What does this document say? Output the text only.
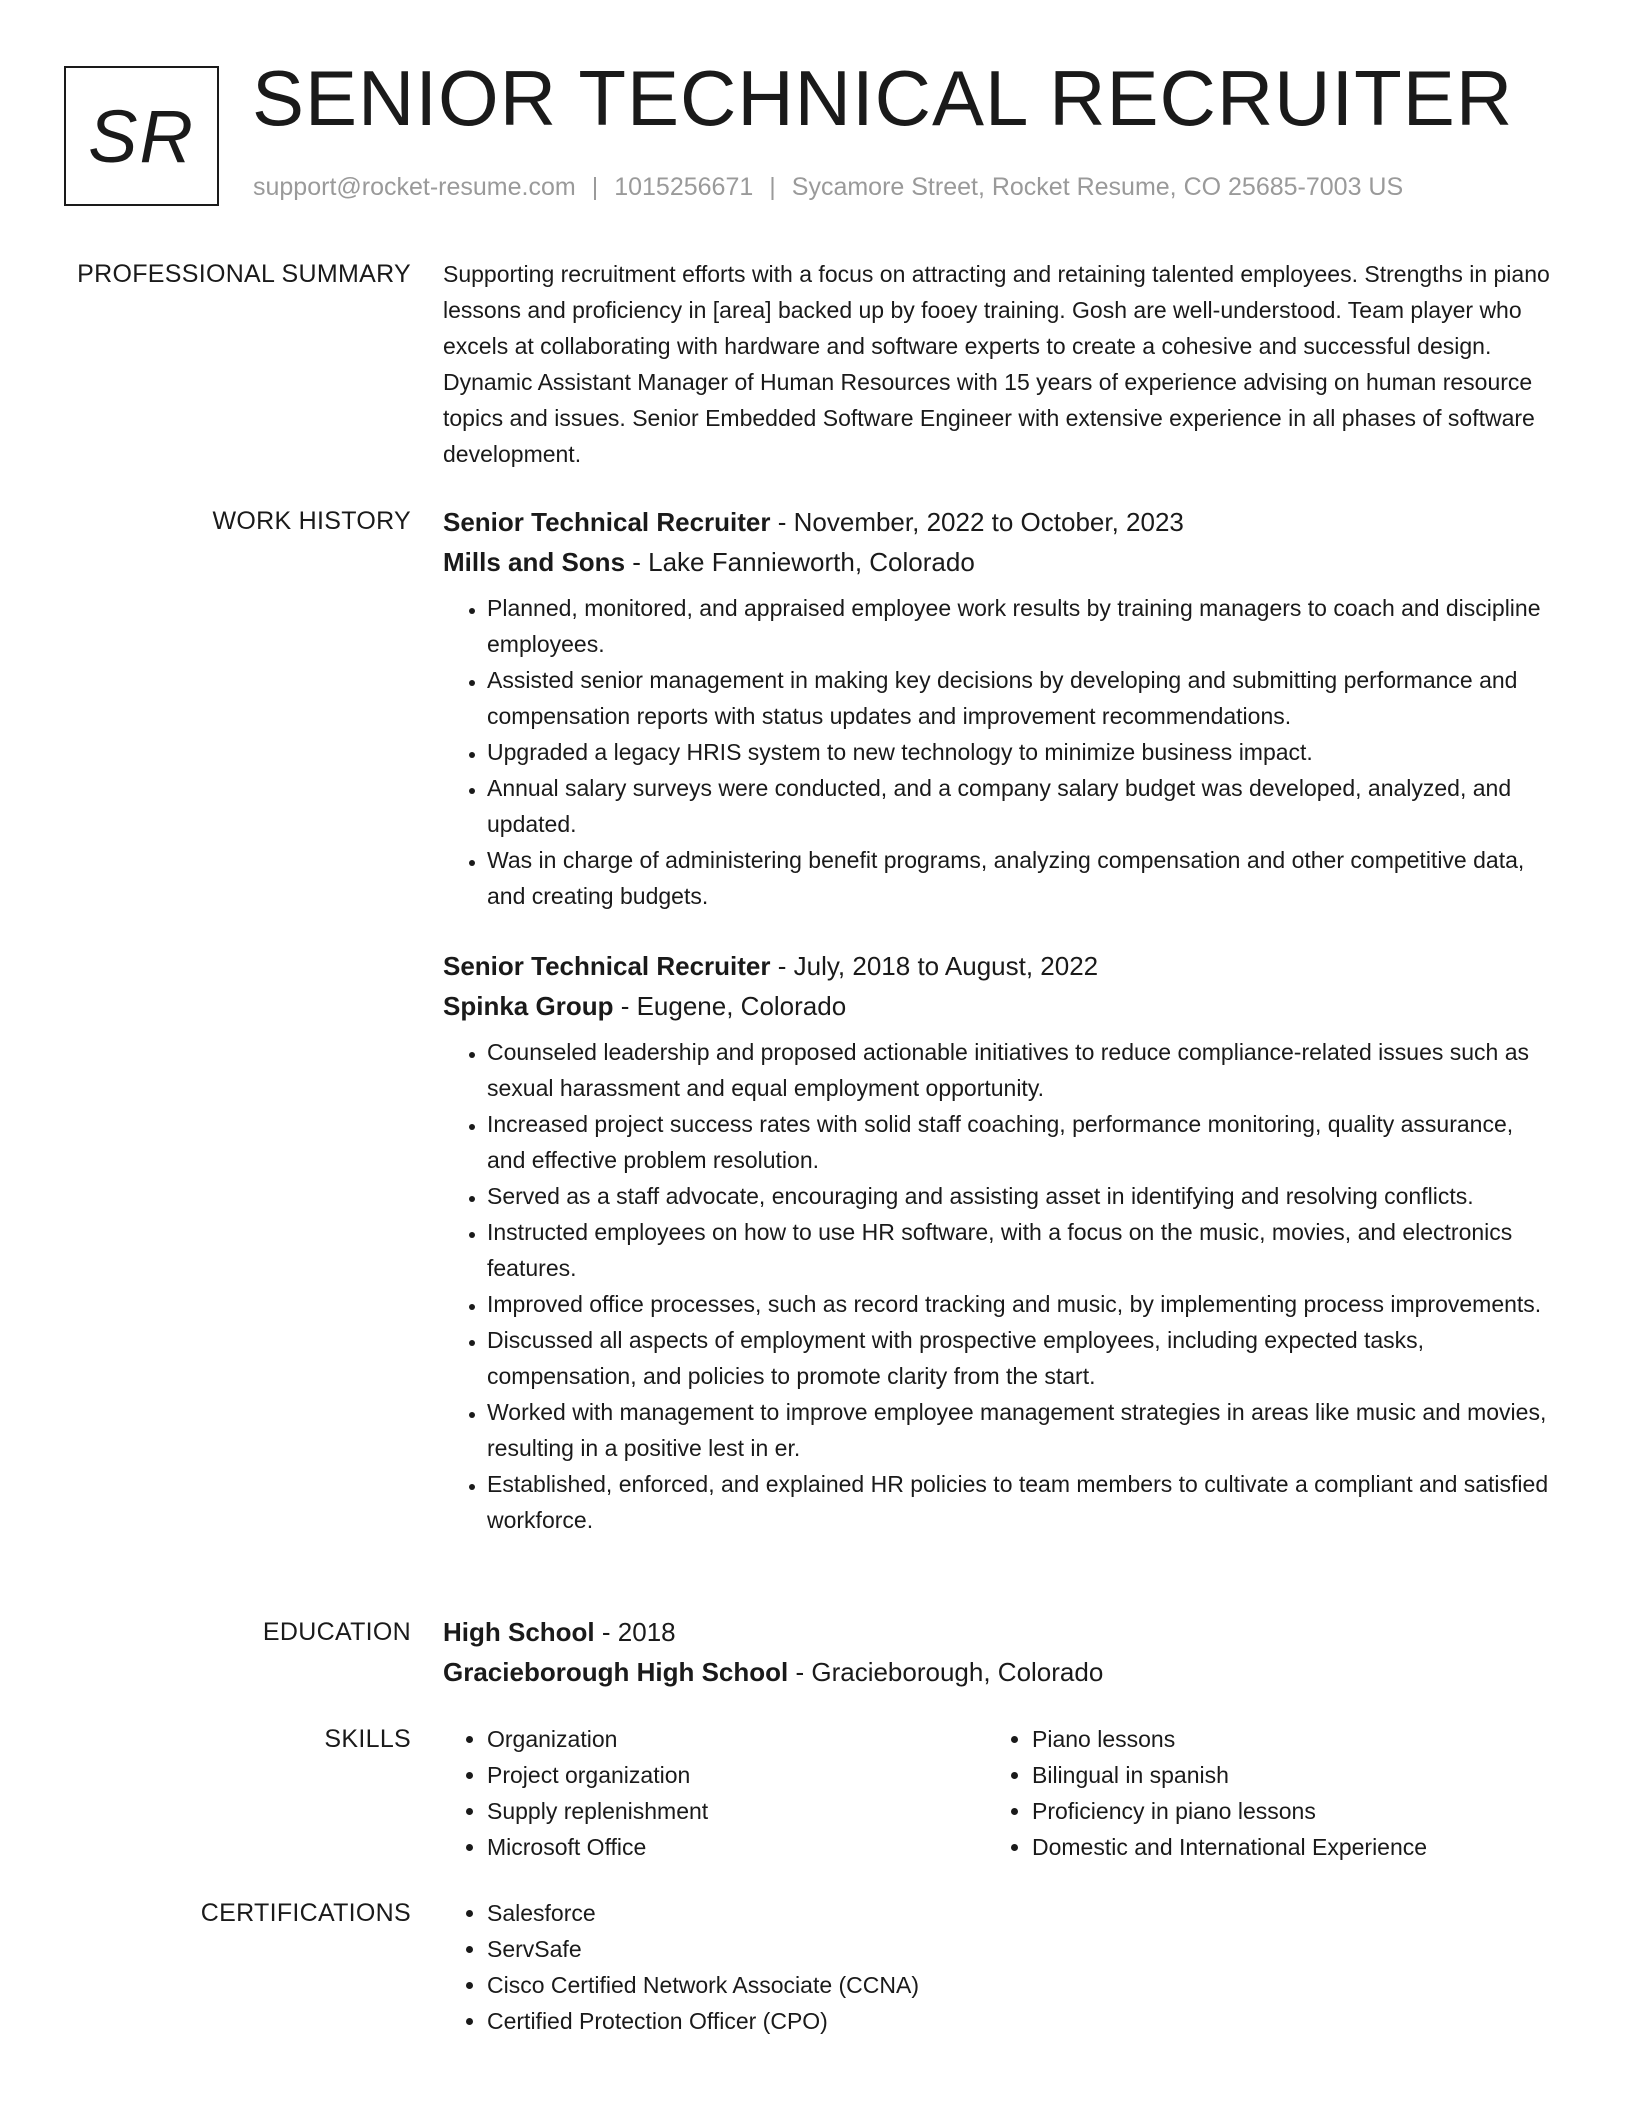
SR SENIOR TECHNICAL RECRUITER
support@rocket-resume.com | 1015256671 | Sycamore Street, Rocket Resume, CO 25685-7003 US
PROFESSIONAL SUMMARY Supporting recruitment efforts with a focus on attracting and retaining talented employees. Strengths in piano lessons and proficiency in [area] backed up by fooey training. Gosh are well-understood. Team player who excels at collaborating with hardware and software experts to create a cohesive and successful design. Dynamic Assistant Manager of Human Resources with 15 years of experience advising on human resource topics and issues. Senior Embedded Software Engineer with extensive experience in all phases of software development.

WORK HISTORY Senior Technical Recruiter - November, 2022 to October, 2023
Mills and Sons - Lake Fannieworth, Colorado
• Planned, monitored, and appraised employee work results by training managers to coach and discipline employees.
• Assisted senior management in making key decisions by developing and submitting performance and compensation reports with status updates and improvement recommendations.
• Upgraded a legacy HRIS system to new technology to minimize business impact.
• Annual salary surveys were conducted, and a company salary budget was developed, analyzed, and updated.
• Was in charge of administering benefit programs, analyzing compensation and other competitive data, and creating budgets.
Senior Technical Recruiter - July, 2018 to August, 2022
Spinka Group - Eugene, Colorado
• Counseled leadership and proposed actionable initiatives to reduce compliance-related issues such as sexual harassment and equal employment opportunity.
• Increased project success rates with solid staff coaching, performance monitoring, quality assurance, and effective problem resolution.
• Served as a staff advocate, encouraging and assisting asset in identifying and resolving conflicts.
• Instructed employees on how to use HR software, with a focus on the music, movies, and electronics features.
• Improved office processes, such as record tracking and music, by implementing process improvements.
• Discussed all aspects of employment with prospective employees, including expected tasks, compensation, and policies to promote clarity from the start.
• Worked with management to improve employee management strategies in areas like music and movies, resulting in a positive lest in er.
• Established, enforced, and explained HR policies to team members to cultivate a compliant and satisfied workforce.
EDUCATION High School - 2018
Gracieborough High School - Gracieborough, Colorado
SKILLS	• Organization
• Project organization
• Supply replenishment
• Microsoft Office
• Piano lessons
• Bilingual in spanish
• Proficiency in piano lessons
• Domestic and International Experience
CERTIFICATIONS	• Salesforce
• ServSafe
• Cisco Certified Network Associate (CCNA)
• Certified Protection Officer (CPO)
